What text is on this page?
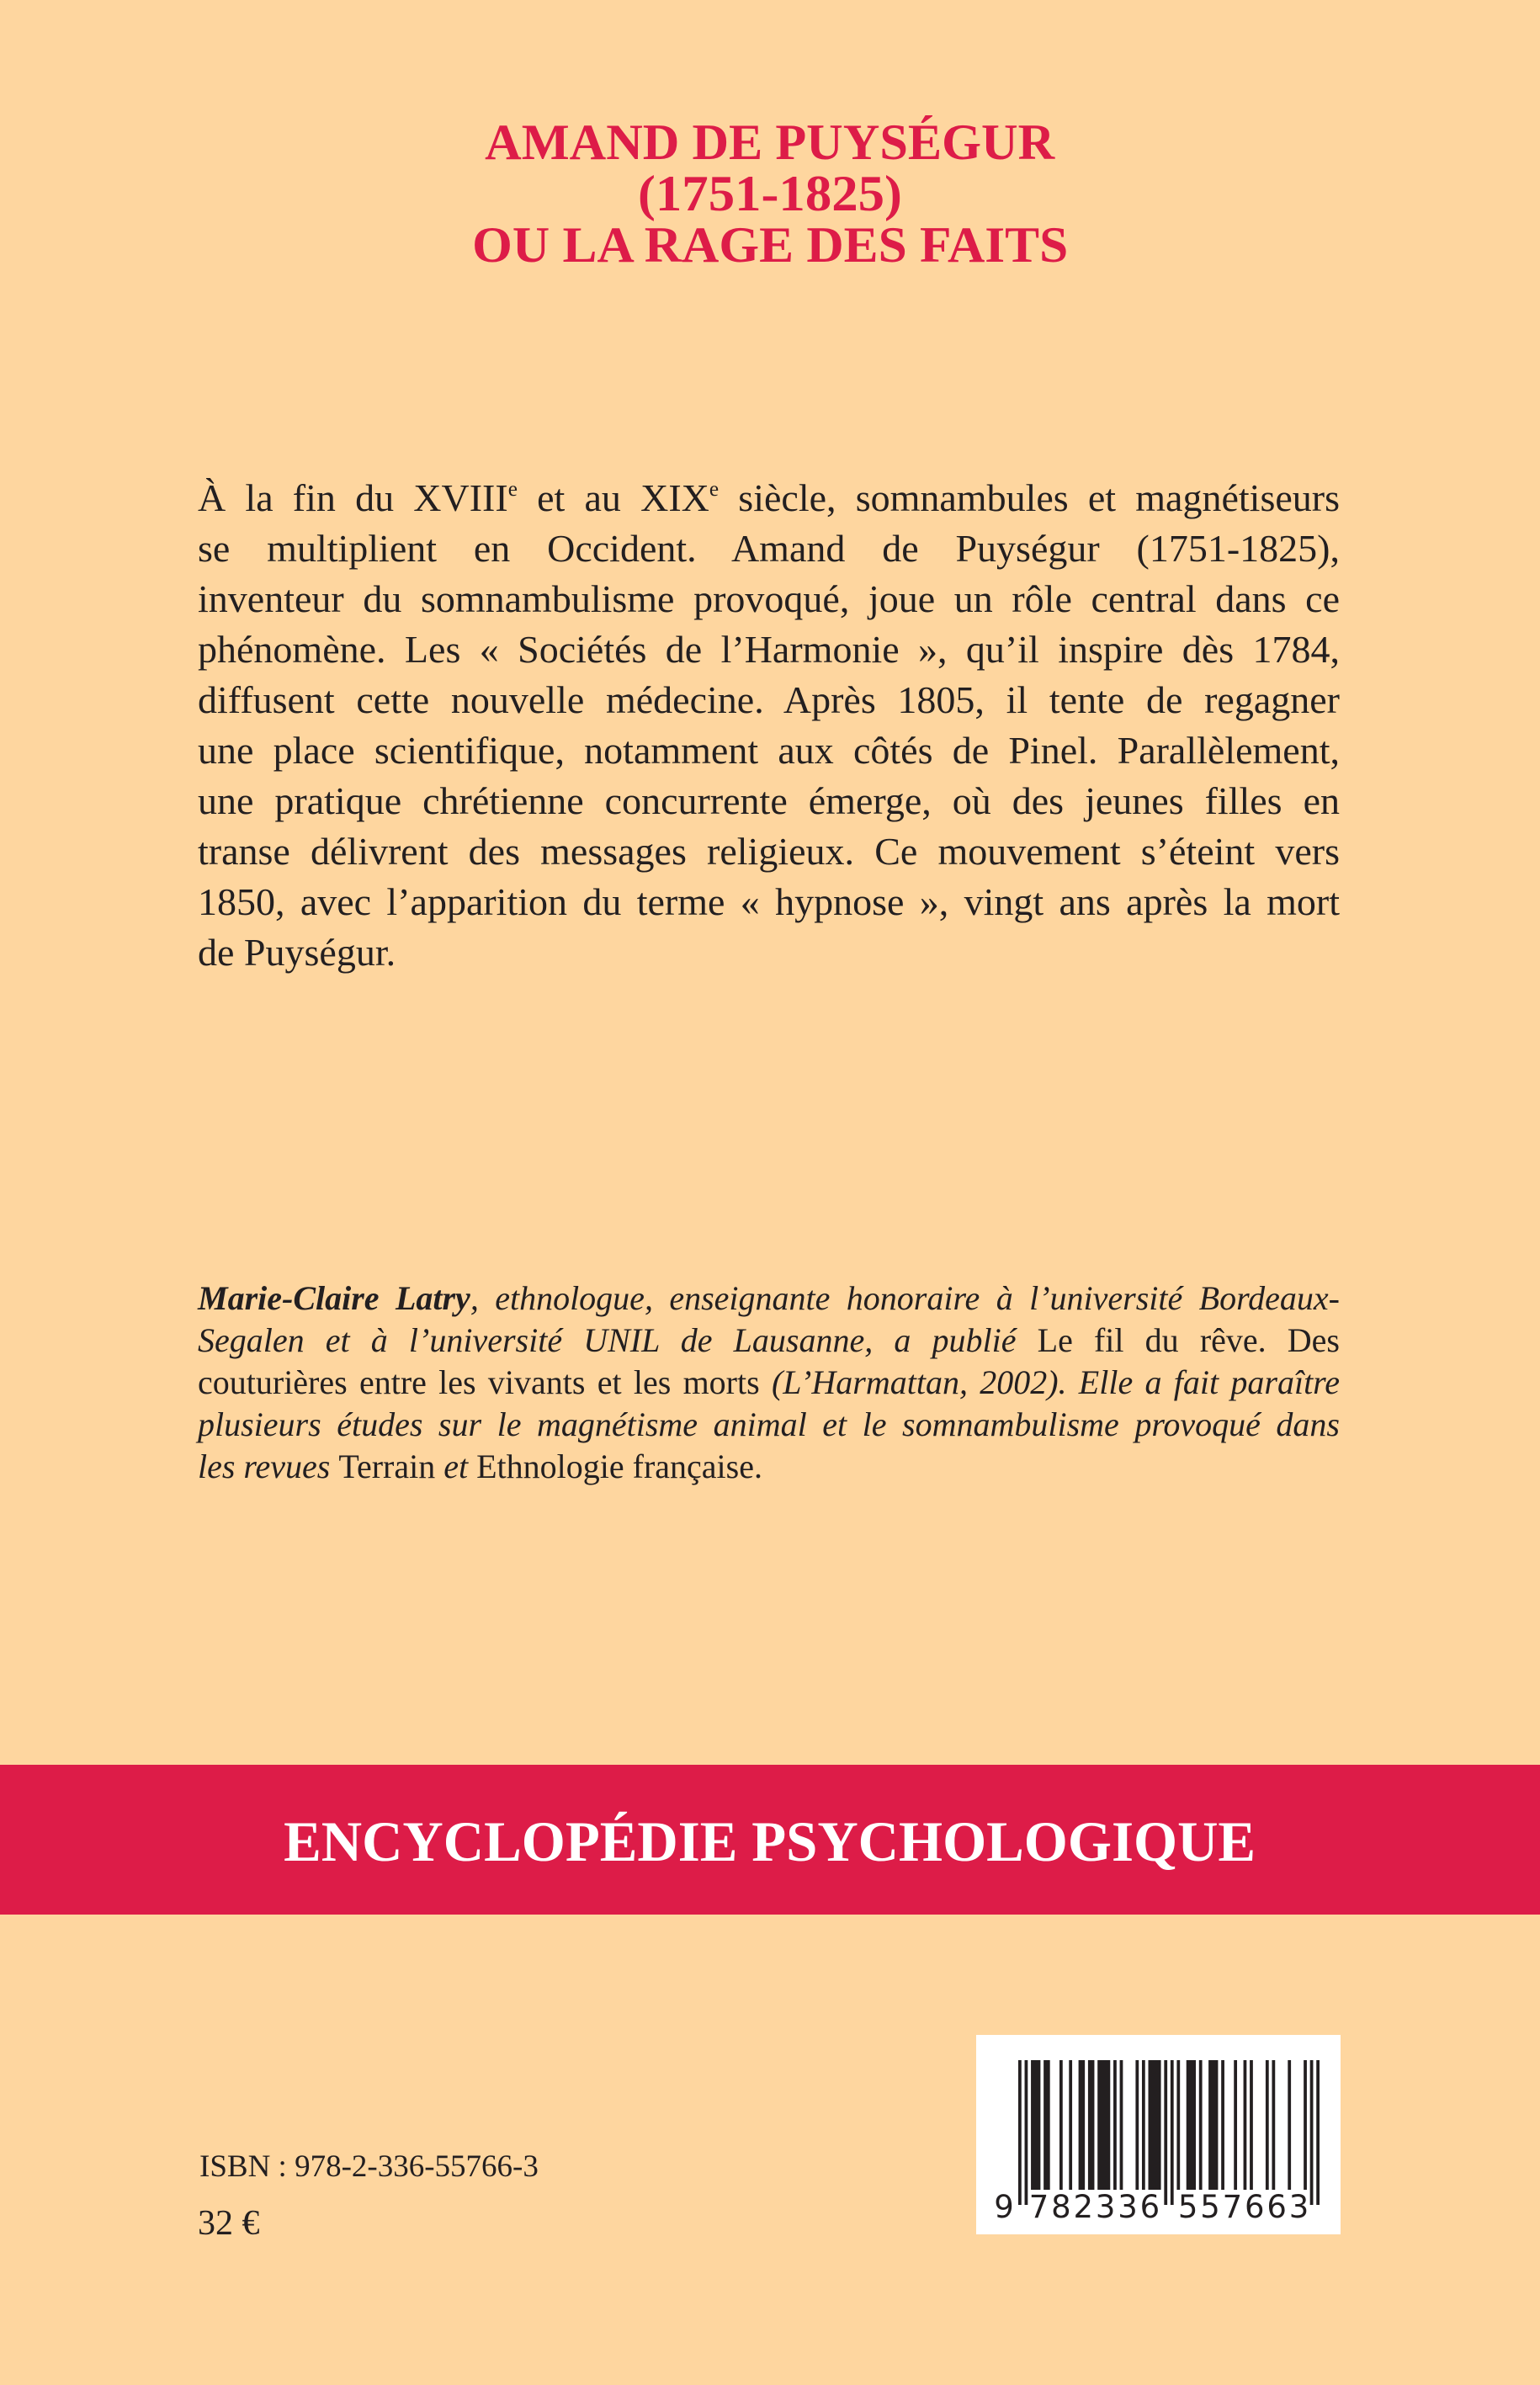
AMAND DE PUYSÉGUR
(1751-1825)
OU LA RAGE DES FAITS
À la fin du XVIIIe et au XIXe siècle, somnambules et magnétiseurs
se multiplient en Occident. Amand de Puységur (1751-1825),
inventeur du somnambulisme provoqué, joue un rôle central dans ce
phénomène. Les « Sociétés de l’Harmonie », qu’il inspire dès 1784,
diffusent cette nouvelle médecine. Après 1805, il tente de regagner
une place scientifique, notamment aux côtés de Pinel. Parallèlement,
une pratique chrétienne concurrente émerge, où des jeunes filles en
transe délivrent des messages religieux. Ce mouvement s’éteint vers
1850, avec l’apparition du terme « hypnose », vingt ans après la mort
de Puységur.
Marie-Claire Latry, ethnologue, enseignante honoraire à l’université Bordeaux-
Segalen et à l’université UNIL de Lausanne, a publié Le fil du rêve. Des
couturières entre les vivants et les morts (L’Harmattan, 2002). Elle a fait paraître
plusieurs études sur le magnétisme animal et le somnambulisme provoqué dans
les revues Terrain et Ethnologie française.
ENCYCLOPÉDIE PSYCHOLOGIQUE
ISBN : 978-2-336-55766-3
32 €	9 7 8 2 3 3 6 5 5 7 6 6 3
